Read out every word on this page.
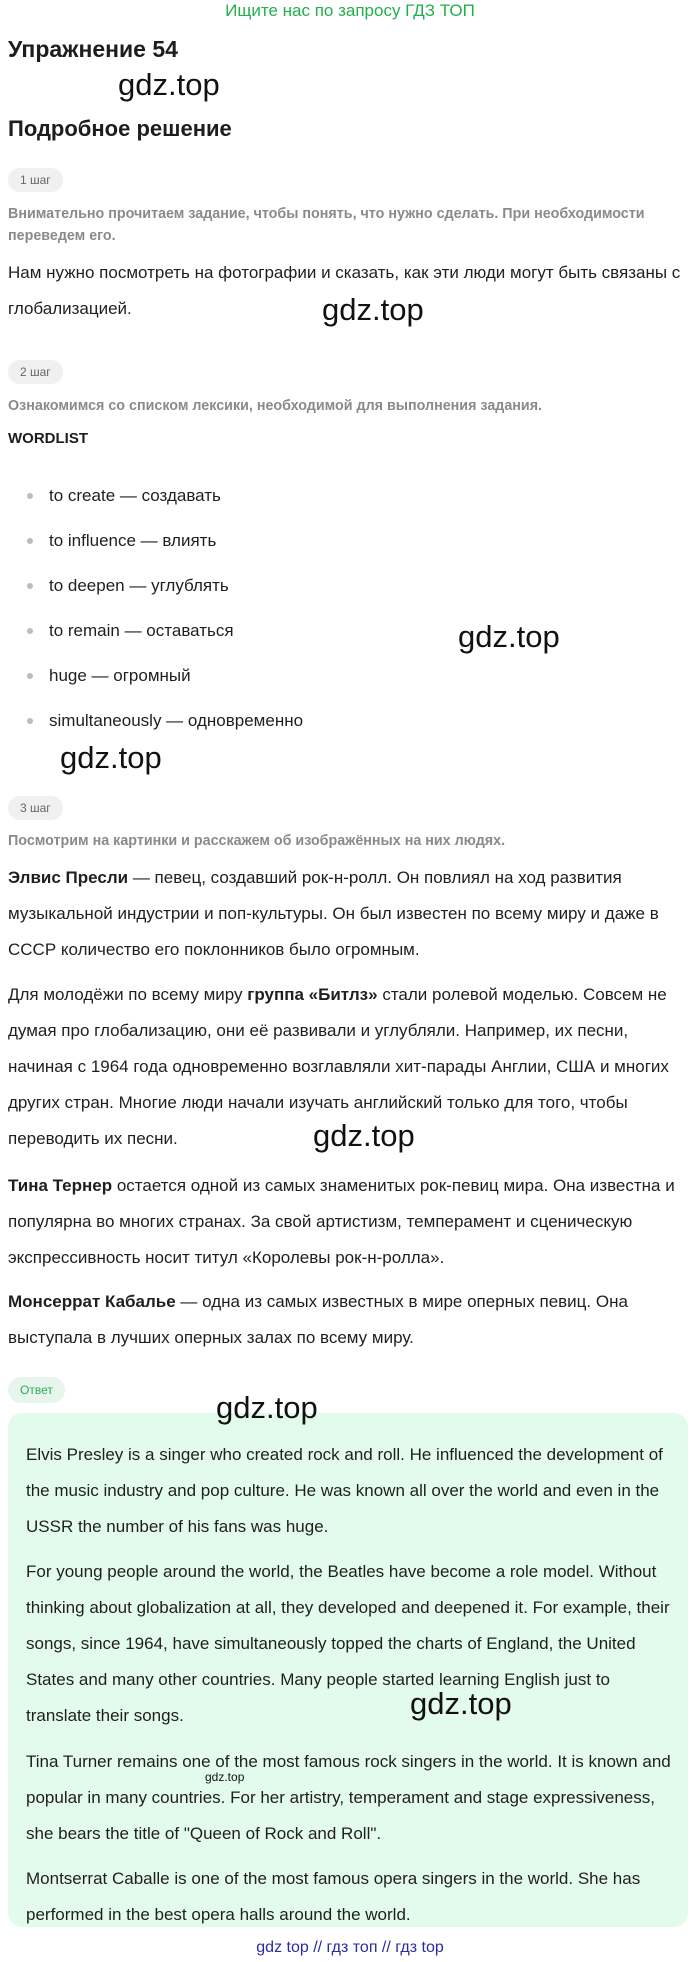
Ищите нас по запросу ГДЗ ТОП
Упражнение 54
gdz.top
Подробное решение
1 шаг
Внимательно прочитаем задание, чтобы понять, что нужно сделать. При необходимости переведем его.
Нам нужно посмотреть на фотографии и сказать, как эти люди могут быть связаны с глобализацией.	gdz.top
2 шаг
Ознакомимся со списком лексики, необходимой для выполнения задания.
WORDLIST
to create — создавать
to influence — влиять
to deepen — углублять
to remain — оставаться
huge — огромный
simultaneously — одновременно
gdz.top
gdz.top
3 шаг
Посмотрим на картинки и расскажем об изображённых на них людях.
Элвис Пресли — певец, создавший рок-н-ролл. Он повлиял на ход развития музыкальной индустрии и поп-культуры. Он был известен по всему миру и даже в СССР количество его поклонников было огромным.
Для молодёжи по всему миру группа «Битлз» стали ролевой моделью. Совсем не думая про глобализацию, они её развивали и углубляли. Например, их песни, начиная с 1964 года одновременно возглавляли хит-парады Англии, США и многих других стран. Многие люди начали изучать английский только для того, чтобы переводить их песни.	gdz.top
Тина Тернер остается одной из самых знаменитых рок-певиц мира. Она известна и популярна во многих странах. За свой артистизм, темперамент и сценическую экспрессивность носит титул «Королевы рок-н-ролла».
Монсеррат Кабалье — одна из самых известных в мире оперных певиц. Она выступала в лучших оперных залах по всему миру.
Ответ
Elvis Presley is a singer who created rock and roll. He influenced the development of the music industry and pop culture. He was known all over the world and even in the USSR the number of his fans was huge.
For young people around the world, the Beatles have become a role model. Without thinking about globalization at all, they developed and deepened it. For example, their songs, since 1964, have simultaneously topped the charts of England, the United States and many other countries. Many people started learning English just to translate their songs.
Tina Turner remains one of the most famous rock singers in the world. It is known and popular in many countries. For her artistry, temperament and stage expressiveness, she bears the title of "Queen of Rock and Roll".
Montserrat Caballe is one of the most famous opera singers in the world. She has performed in the best opera halls around the world.
gdz.top
gdz.top
gdz.top
gdz top // гдз топ // гдз top
